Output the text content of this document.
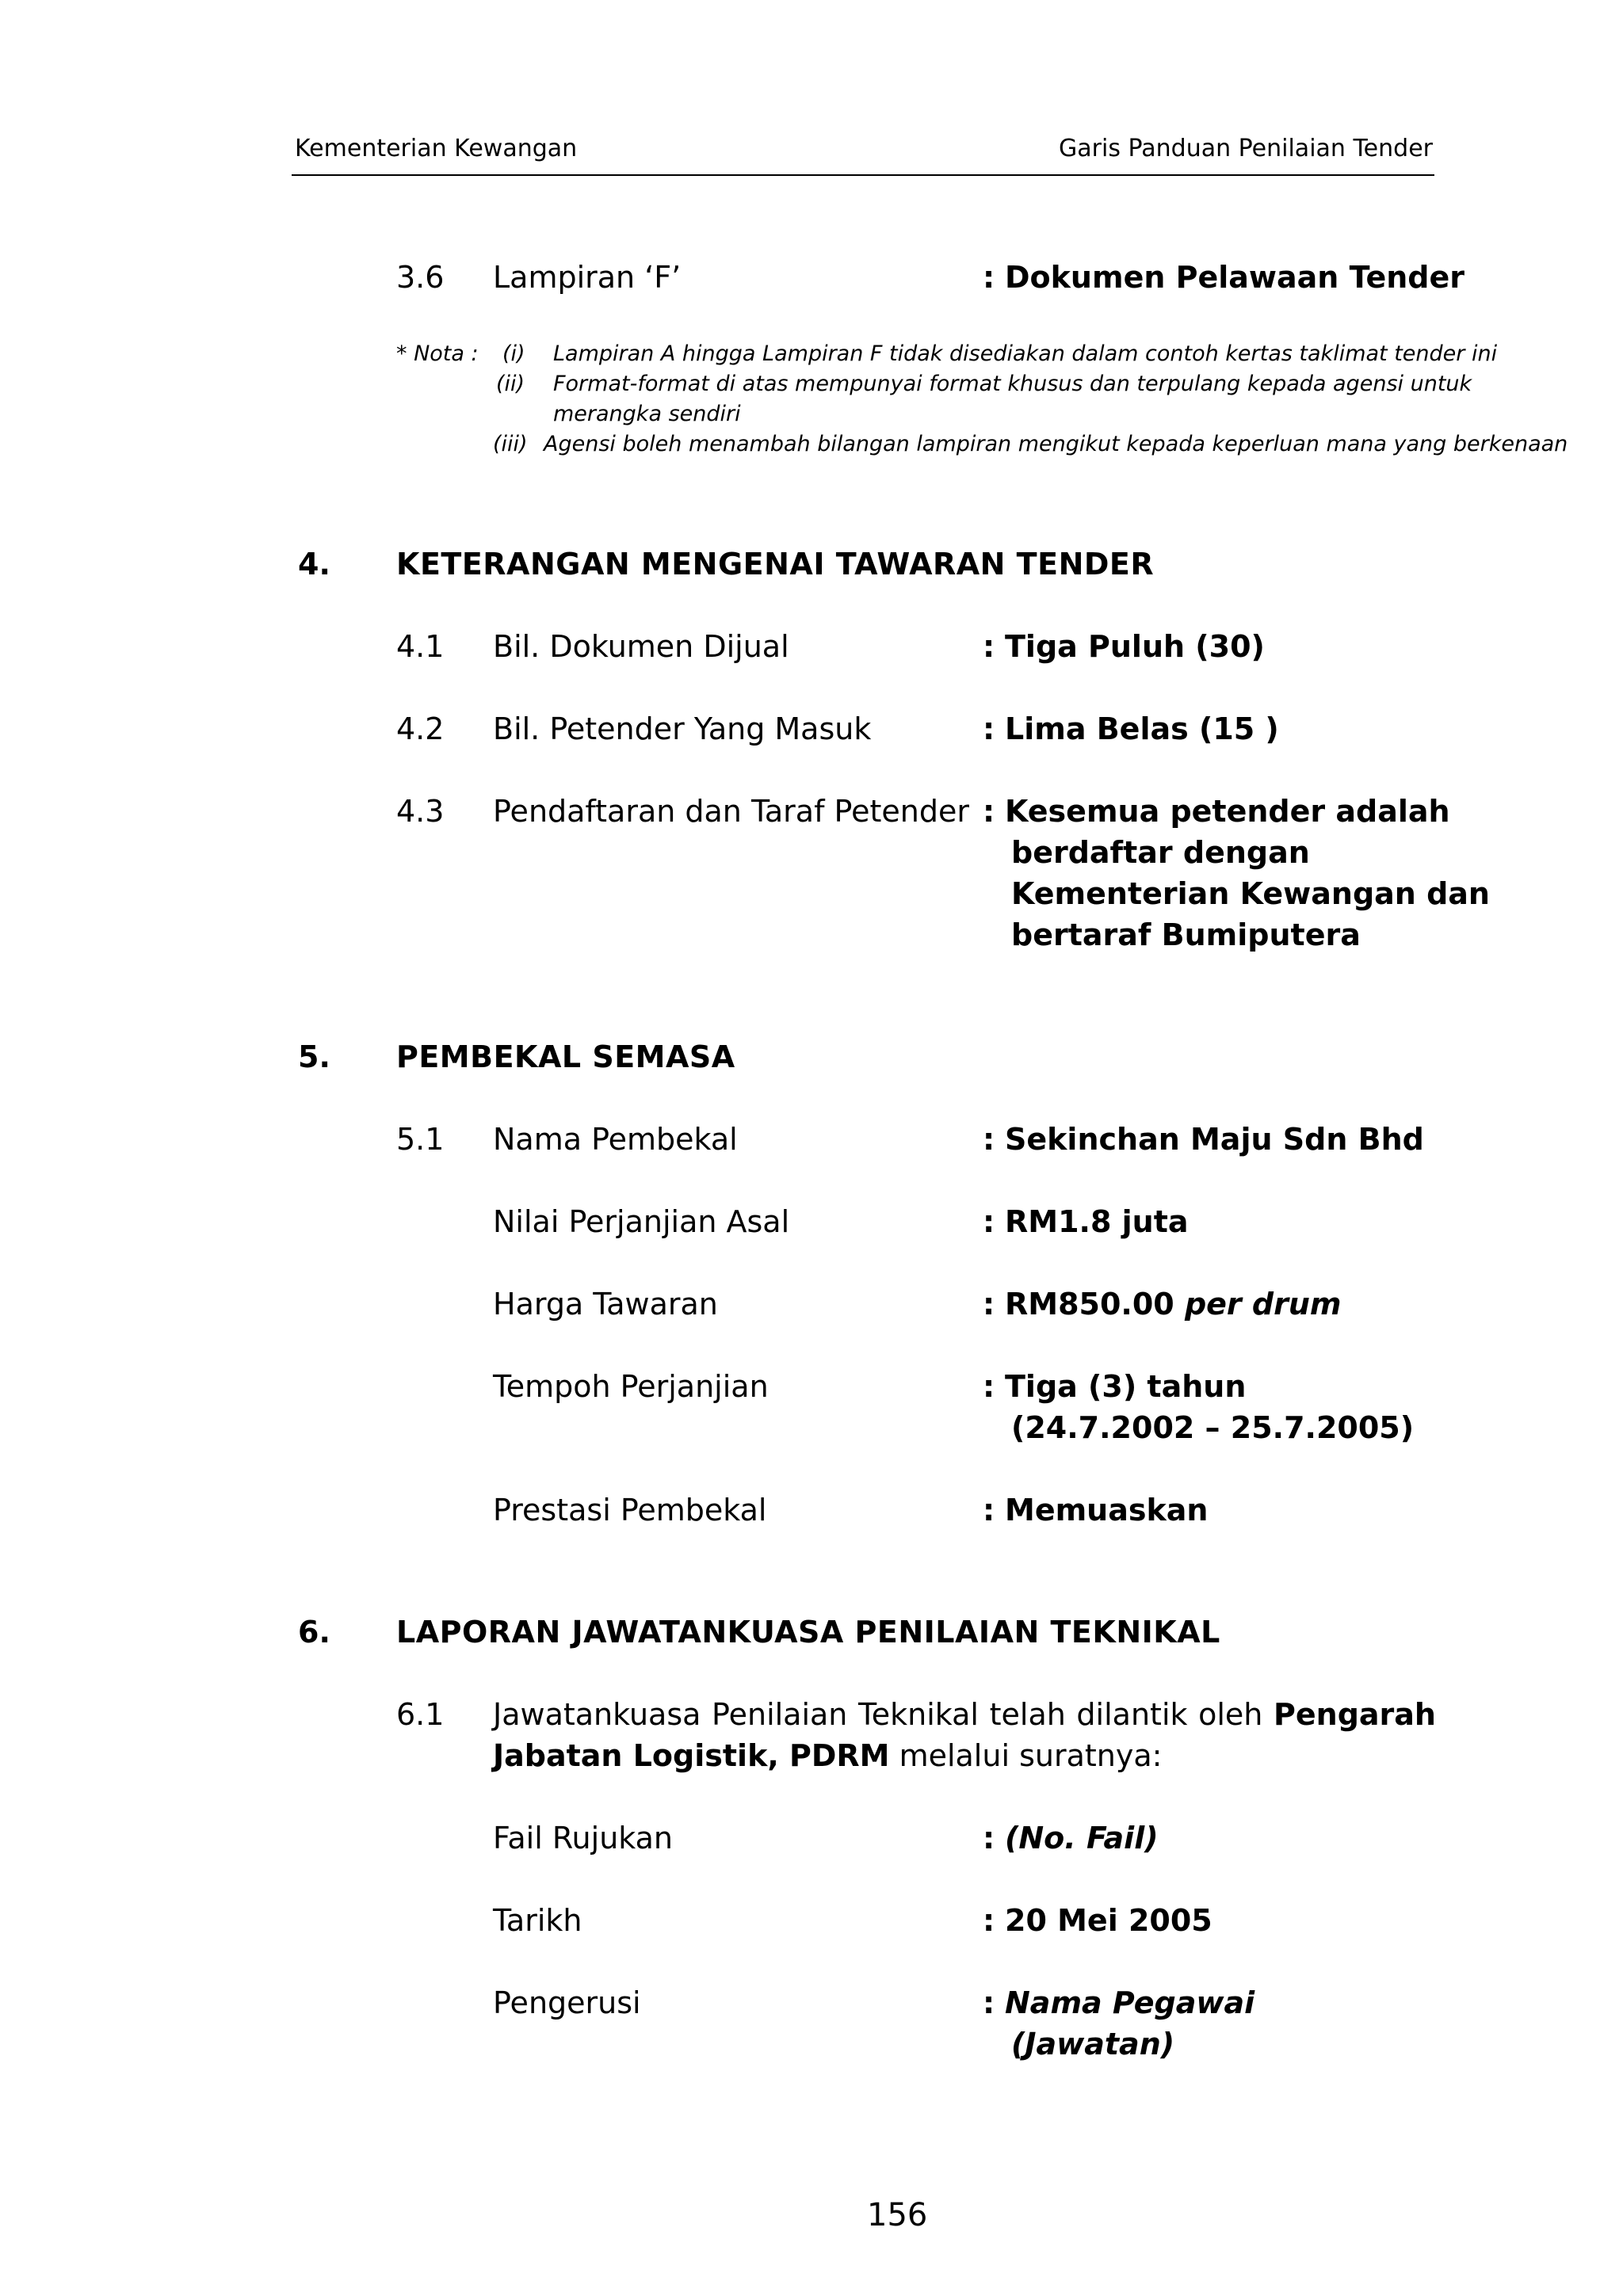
Kementerian Kewangan	Garis Panduan Penilaian Tender
3.6 Lampiran ‘F’	: Dokumen Pelawaan Tender
* Nota : (i) Lampiran A hingga Lampiran F tidak disediakan dalam contoh kertas taklimat tender ini
(ii) Format-format di atas mempunyai format khusus dan terpulang kepada agensi untuk
merangka sendiri
(iii) Agensi boleh menambah bilangan lampiran mengikut kepada keperluan mana yang berkenaan
4. KETERANGAN MENGENAI TAWARAN TENDER
4.1 Bil. Dokumen Dijual	: Tiga Puluh (30)
4.2 Bil. Petender Yang Masuk	: Lima Belas (15 )
4.3 Pendaftaran dan Taraf Petender : Kesemua petender adalah
berdaftar dengan
Kementerian Kewangan dan
bertaraf Bumiputera
5. PEMBEKAL SEMASA
5.1 Nama Pembekal	: Sekinchan Maju Sdn Bhd
Nilai Perjanjian Asal	: RM1.8 juta
Harga Tawaran	: RM850.00 per drum
Tempoh Perjanjian	: Tiga (3) tahun
(24.7.2002 – 25.7.2005)
Prestasi Pembekal	: Memuaskan
6. LAPORAN JAWATANKUASA PENILAIAN TEKNIKAL
6.1 Jawatankuasa Penilaian Teknikal telah dilantik oleh Pengarah Jabatan Logistik, PDRM melalui suratnya:
Fail Rujukan	: (No. Fail)
Tarikh	: 20 Mei 2005
Pengerusi	: Nama Pegawai
(Jawatan)
156
